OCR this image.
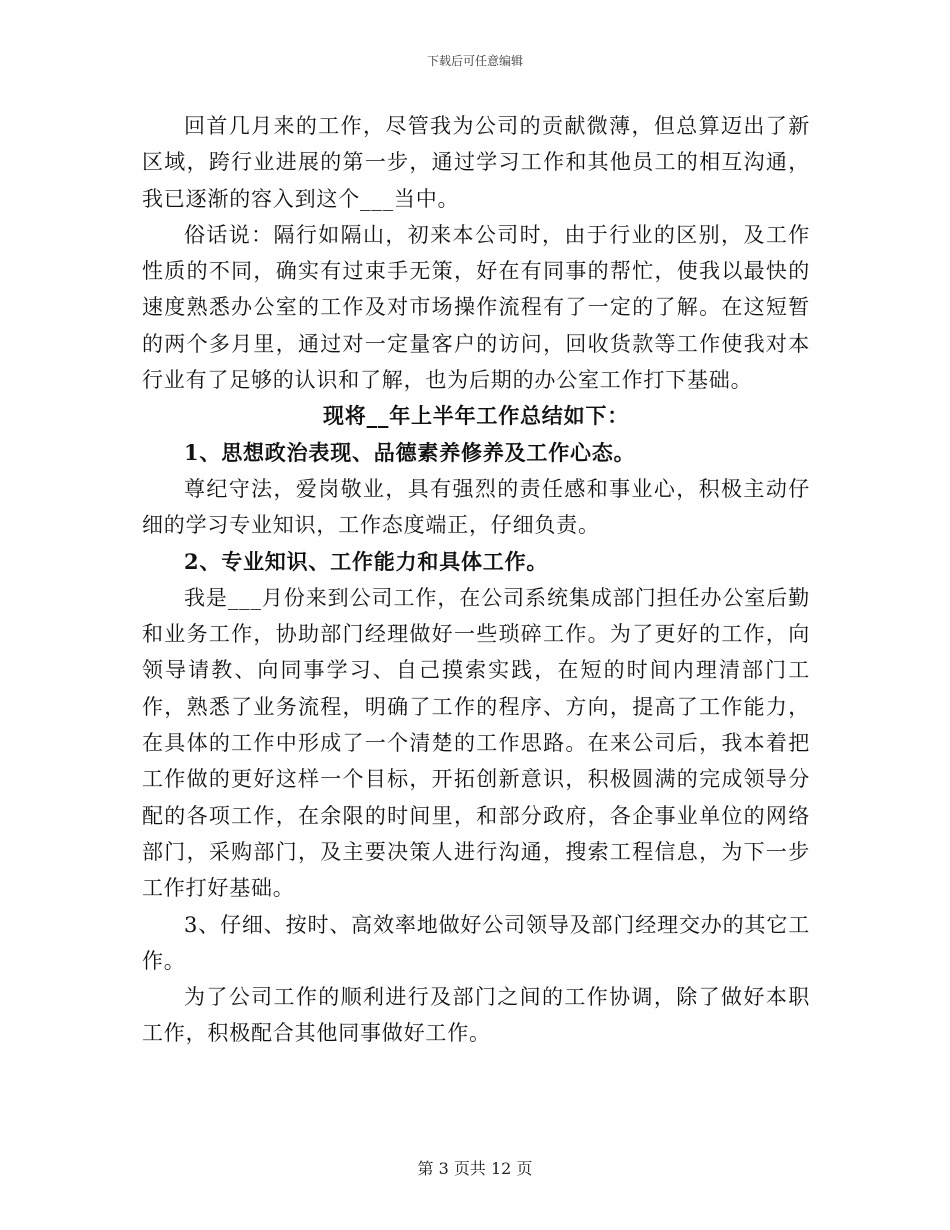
下载后可任意编辑

回首几月来的工作，尽管我为公司的贡献微薄，但总算迈出了新区域，跨行业进展的第一步，通过学习工作和其他员工的相互沟通，我已逐渐的容入到这个___当中。

俗话说：隔行如隔山，初来本公司时，由于行业的区别，及工作性质的不同，确实有过束手无策，好在有同事的帮忙，使我以最快的速度熟悉办公室的工作及对市场操作流程有了一定的了解。在这短暂的两个多月里，通过对一定量客户的访问，回收货款等工作使我对本行业有了足够的认识和了解，也为后期的办公室工作打下基础。

现将__年上半年工作总结如下：

1、思想政治表现、品德素养修养及工作心态。

尊纪守法，爱岗敬业，具有强烈的责任感和事业心，积极主动仔细的学习专业知识，工作态度端正，仔细负责。

2、专业知识、工作能力和具体工作。

我是___月份来到公司工作，在公司系统集成部门担任办公室后勤和业务工作，协助部门经理做好一些琐碎工作。为了更好的工作，向领导请教、向同事学习、自己摸索实践，在短的时间内理清部门工作，熟悉了业务流程，明确了工作的程序、方向，提高了工作能力，在具体的工作中形成了一个清楚的工作思路。在来公司后，我本着把工作做的更好这样一个目标，开拓创新意识，积极圆满的完成领导分配的各项工作，在余限的时间里，和部分政府，各企事业单位的网络部门，采购部门，及主要决策人进行沟通，搜索工程信息，为下一步工作打好基础。

3、仔细、按时、高效率地做好公司领导及部门经理交办的其它工作。

为了公司工作的顺利进行及部门之间的工作协调，除了做好本职工作，积极配合其他同事做好工作。

第 3 页共 12 页
